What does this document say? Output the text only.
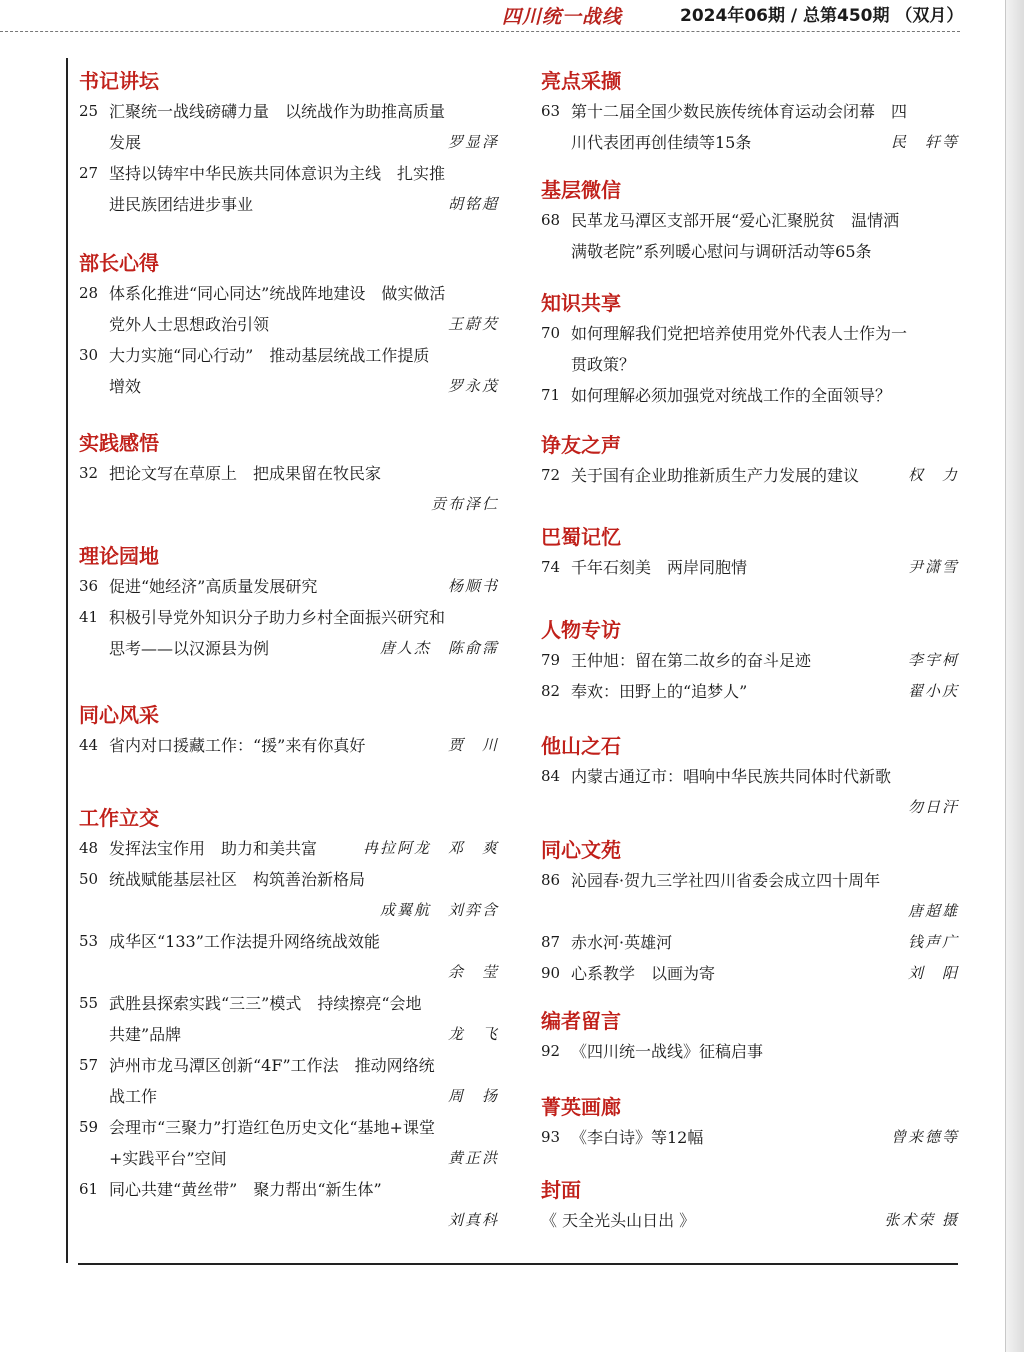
四川统一战线	2024年06期 / 总第450期 （双月）
书记讲坛
25 汇聚统一战线磅礴力量　以统战作为助推高质量
发展	罗显泽
27 坚持以铸牢中华民族共同体意识为主线　扎实推
进民族团结进步事业	胡铭超
部长心得
28 体系化推进“同心同达”统战阵地建设　做实做活
党外人士思想政治引领	王蔚芡
30 大力实施“同心行动”　推动基层统战工作提质
增效	罗永茂
实践感悟
32 把论文写在草原上　把成果留在牧民家
贡布泽仁
理论园地
36 促进“她经济”高质量发展研究	杨顺书
41 积极引导党外知识分子助力乡村全面振兴研究和
思考——以汉源县为例	唐人杰　陈俞霈
同心风采
44 省内对口援藏工作：“援”来有你真好	贾　川
工作立交
48 发挥法宝作用　助力和美共富	冉拉阿龙　邓　爽
50 统战赋能基层社区　构筑善治新格局
成翼航　刘弈含
53 成华区“133”工作法提升网络统战效能
余　莹
55 武胜县探索实践“三三”模式　持续擦亮“会地
共建”品牌	龙　飞
57 泸州市龙马潭区创新“4F”工作法　推动网络统
战工作	周　扬
59 会理市“三聚力”打造红色历史文化“基地+课堂
+实践平台”空间	黄正洪
61 同心共建“黄丝带”　聚力帮出“新生体”
刘真科
亮点采撷
63 第十二届全国少数民族传统体育运动会闭幕　四
川代表团再创佳绩等15条	民　轩等
基层微信
68 民革龙马潭区支部开展“爱心汇聚脱贫　温情洒
满敬老院”系列暖心慰问与调研活动等65条
知识共享
70 如何理解我们党把培养使用党外代表人士作为一
贯政策？
71 如何理解必须加强党对统战工作的全面领导？
诤友之声
72 关于国有企业助推新质生产力发展的建议	权　力
巴蜀记忆
74 千年石刻美　两岸同胞情	尹潇雪
人物专访
79 王仲旭：留在第二故乡的奋斗足迹	李宇柯
82 奉欢：田野上的“追梦人”	翟小庆
他山之石
84 内蒙古通辽市：唱响中华民族共同体时代新歌
勿日汗
同心文苑
86 沁园春·贺九三学社四川省委会成立四十周年
唐超雄
87 赤水河·英雄河	钱声广
90 心系教学　以画为寄	刘　阳
编者留言
92 《四川统一战线》征稿启事
菁英画廊
93 《李白诗》等12幅	曾来德等
封面
《 天全光头山日出 》	张术荣 摄
